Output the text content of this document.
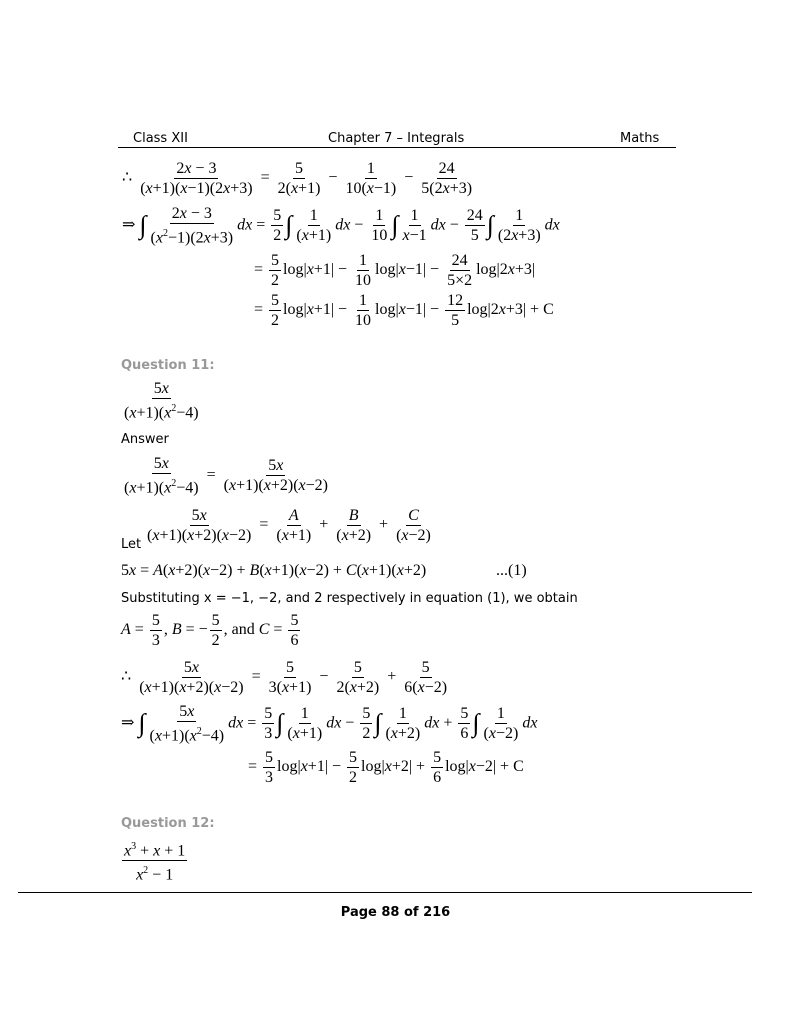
Class XII	Chapter 7 – Integrals	Maths
∴ $\frac{2x - 3}{(x+1)(x-1)(2x+3)} = \frac{5}{2(x+1)} - \frac{1}{10(x-1)} - \frac{24}{5(2x+3)}$
⇒ ∫ $\frac{2x - 3}{(x^2-1)(2x+3)}$ dx = $\frac{5}{2}$ ∫ $\frac{1}{(x+1)}$ dx − $\frac{1}{10}$ ∫ $\frac{1}{x-1}$ dx − $\frac{24}{5}$ ∫ $\frac{1}{(2x+3)}$ dx
= $\frac{5}{2} \log|x+1| - \frac{1}{10} \log|x-1| - \frac{24}{5\times 2} \log|2x+3|$
= $\frac{5}{2} \log|x+1| - \frac{1}{10} \log|x-1| - \frac{12}{5} \log|2x+3| + C$
Question 11:
$\frac{5x}{(x+1)(x^2-4)}$
Answer
$\frac{5x}{(x+1)(x^2-4)} = \frac{5x}{(x+1)(x+2)(x-2)}$
Let
$\frac{5x}{(x+1)(x+2)(x-2)} = \frac{A}{(x+1)} + \frac{B}{(x+2)} + \frac{C}{(x-2)}$
5x = A(x+2)(x−2) + B(x+1)(x−2) + C(x+1)(x+2)	...(1)
Substituting x = −1, −2, and 2 respectively in equation (1), we obtain
$A = \frac{5}{3}$ , B = − $\frac{5}{2}$ , and $C = \frac{5}{6}$
∴ $\frac{5x}{(x+1)(x+2)(x-2)} = \frac{5}{3(x+1)} - \frac{5}{2(x+2)} + \frac{5}{6(x-2)}$
⇒ ∫ $\frac{5x}{(x+1)(x^2-4)}$ dx = $\frac{5}{3}$ ∫ $\frac{1}{(x+1)}$ dx − $\frac{5}{2}$ ∫ $\frac{1}{(x+2)}$ dx + $\frac{5}{6}$ ∫ $\frac{1}{(x-2)}$ dx
= $\frac{5}{3} \log|x+1| - \frac{5}{2} \log|x+2| + \frac{5}{6} \log|x-2| + C$
Question 12:
$\frac{x^3 + x + 1}{x^2 - 1}$
Page 88 of 216
